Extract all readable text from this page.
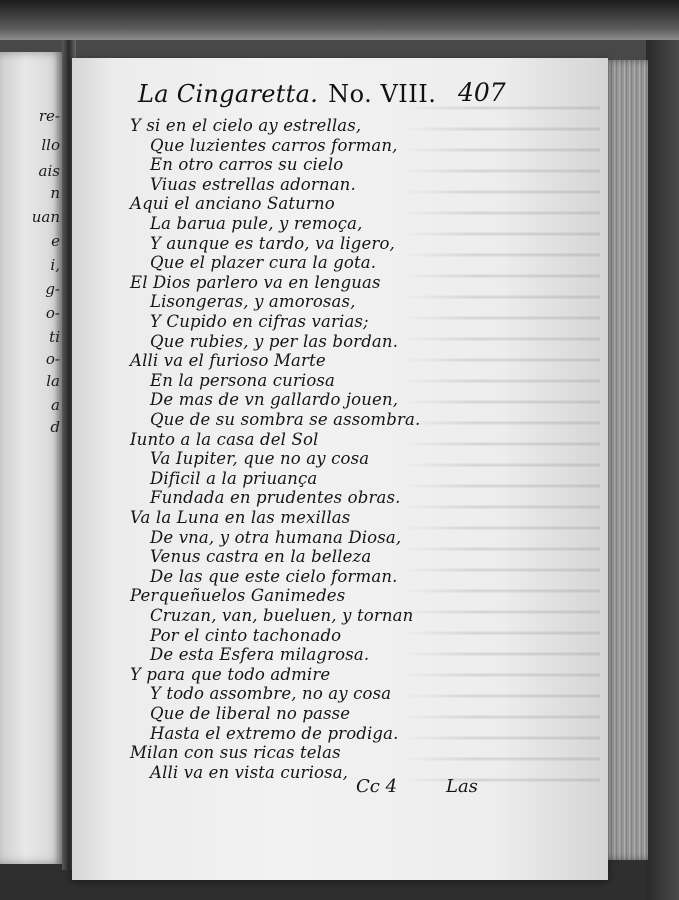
re-
llo
ais
n
uan
e
i,
g-
o-
ti
o-
la
a
d
La Cingaretta. No. VIII. 407
Y si en el cielo ay estrellas,
Que luzientes carros forman,
En otro carros su cielo
Viuas estrellas adornan.
Aqui el anciano Saturno
La barua pule, y remoça,
Y aunque es tardo, va ligero,
Que el plazer cura la gota.
El Dios parlero va en lenguas
Lisongeras, y amorosas,
Y Cupido en cifras varias;
Que rubies, y per las bordan.
Alli va el furioso Marte
En la persona curiosa
De mas de vn gallardo jouen,
Que de su sombra se assombra.
Iunto a la casa del Sol
Va Iupiter, que no ay cosa
Dificil a la priuança
Fundada en prudentes obras.
Va la Luna en las mexillas
De vna, y otra humana Diosa,
Venus castra en la belleza
De las que este cielo forman.
Perqueñuelos Ganimedes
Cruzan, van, bueluen, y tornan
Por el cinto tachonado
De esta Esfera milagrosa.
Y para que todo admire
Y todo assombre, no ay cosa
Que de liberal no passe
Hasta el extremo de prodiga.
Milan con sus ricas telas
Alli va en vista curiosa,
Cc 4	Las
